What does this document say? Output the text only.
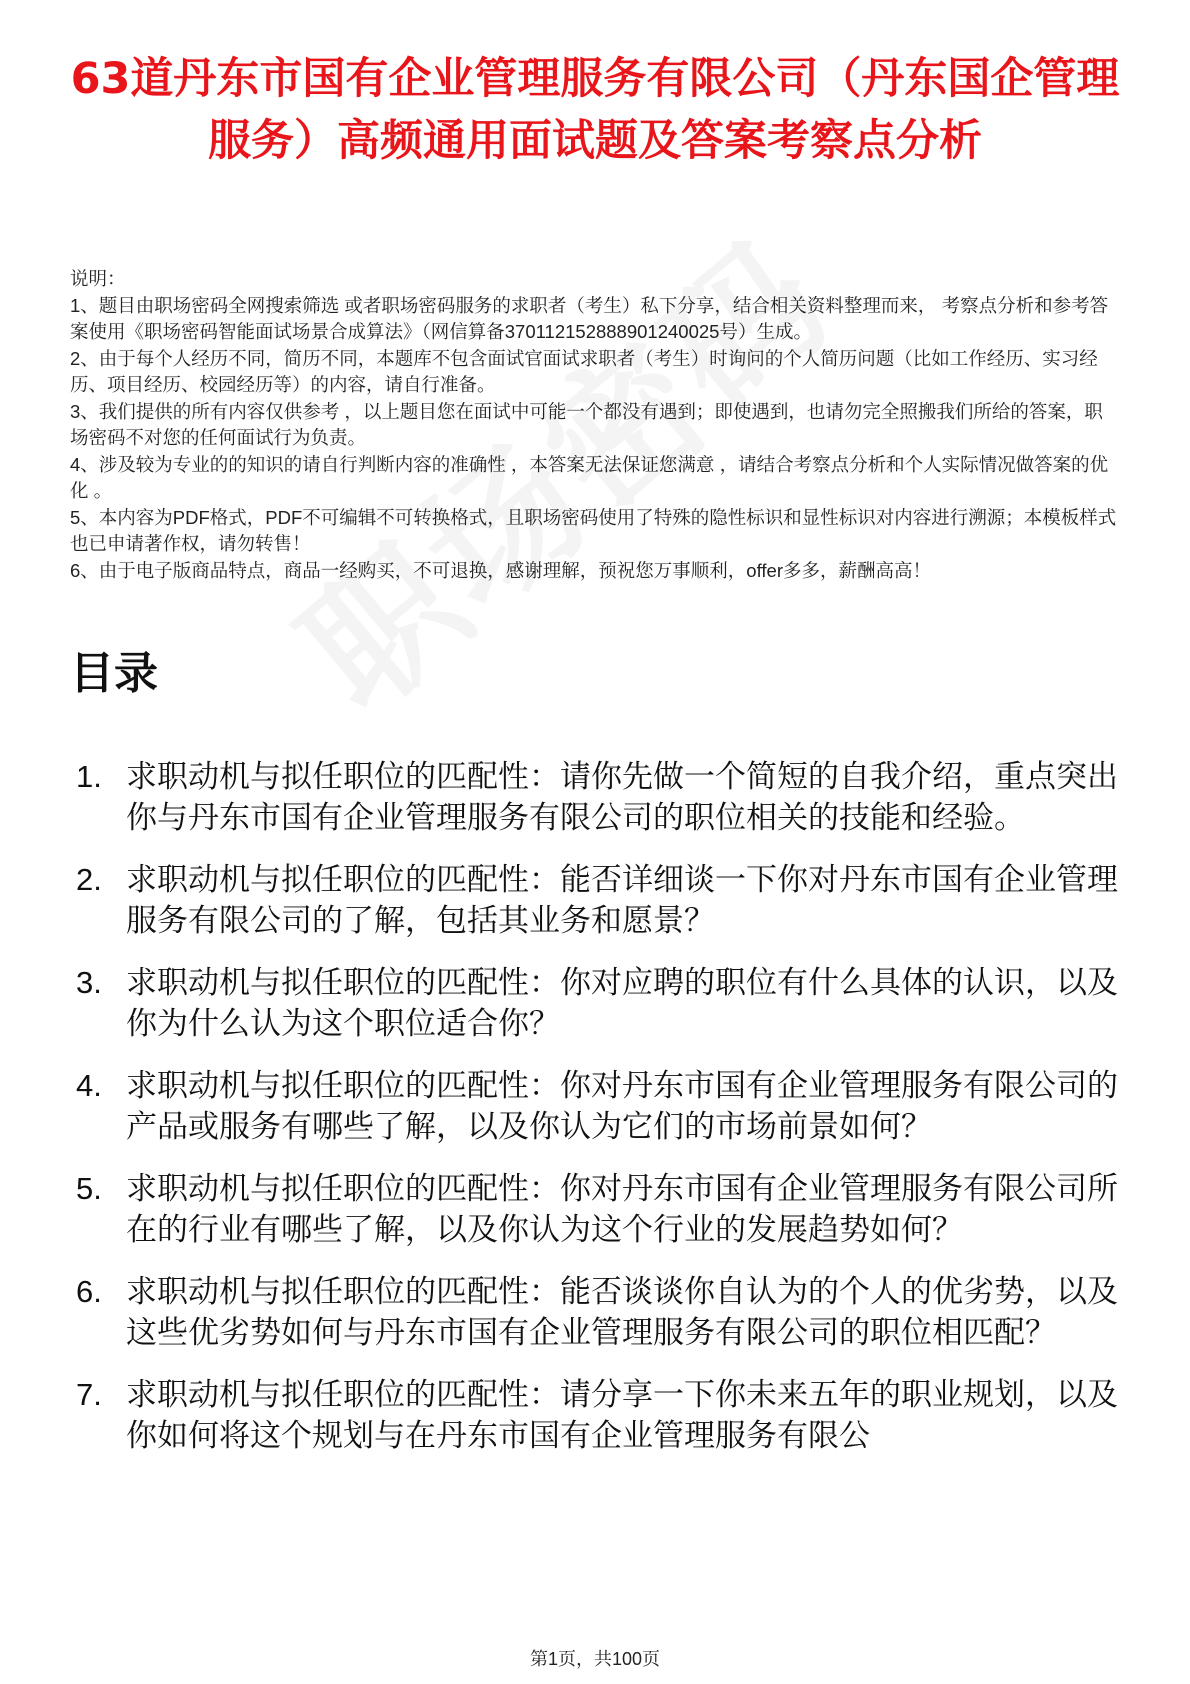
63道丹东市国有企业管理服务有限公司（丹东国企管理服务）高频通用面试题及答案考察点分析

说明：

1、题目由职场密码全网搜索筛选 或者职场密码服务的求职者（考生）私下分享，结合相关资料整理而来， 考察点分析和参考答案使用《职场密码智能面试场景合成算法》（网信算备370112152888901240025号）生成。

2、由于每个人经历不同，简历不同，本题库不包含面试官面试求职者（考生）时询问的个人简历问题（比如工作经历、实习经历、项目经历、校园经历等）的内容，请自行准备。

3、我们提供的所有内容仅供参考 ，以上题目您在面试中可能一个都没有遇到；即使遇到，也请勿完全照搬我们所给的答案，职场密码不对您的任何面试行为负责。

4、涉及较为专业的的知识的请自行判断内容的准确性 ，本答案无法保证您满意 ，请结合考察点分析和个人实际情况做答案的优化 。

5、本内容为PDF格式，PDF不可编辑不可转换格式，且职场密码使用了特殊的隐性标识和显性标识对内容进行溯源；本模板样式也已申请著作权，请勿转售！

6、由于电子版商品特点，商品一经购买，不可退换，感谢理解，预祝您万事顺利，offer多多，薪酬高高！

目录
1. 求职动机与拟任职位的匹配性：请你先做一个简短的自我介绍，重点突出你与丹东市国有企业管理服务有限公司的职位相关的技能和经验。
2. 求职动机与拟任职位的匹配性：能否详细谈一下你对丹东市国有企业管理服务有限公司的了解，包括其业务和愿景？
3. 求职动机与拟任职位的匹配性：你对应聘的职位有什么具体的认识，以及你为什么认为这个职位适合你？
4. 求职动机与拟任职位的匹配性：你对丹东市国有企业管理服务有限公司的产品或服务有哪些了解，以及你认为它们的市场前景如何？
5. 求职动机与拟任职位的匹配性：你对丹东市国有企业管理服务有限公司所在的行业有哪些了解，以及你认为这个行业的发展趋势如何？
6. 求职动机与拟任职位的匹配性：能否谈谈你自认为的个人的优劣势，以及这些优劣势如何与丹东市国有企业管理服务有限公司的职位相匹配？
7. 求职动机与拟任职位的匹配性：请分享一下你未来五年的职业规划，以及你如何将这个规划与在丹东市国有企业管理服务有限公
第1页，共100页
